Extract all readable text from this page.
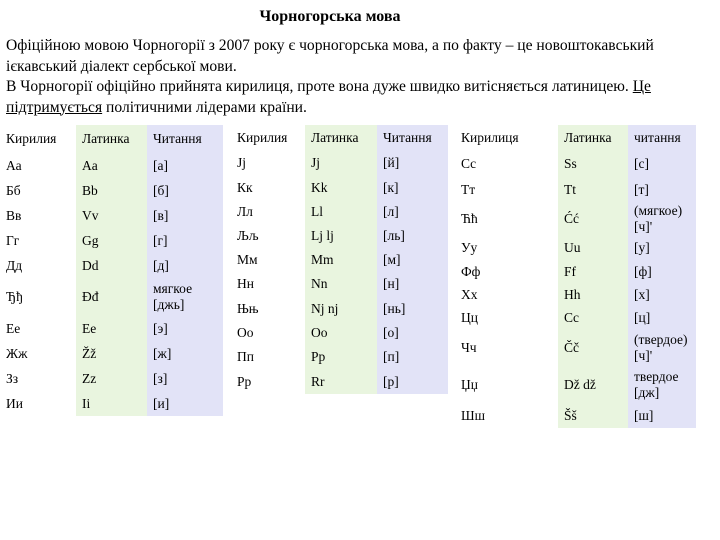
Чорногорська мова

Офіційною мовою Чорногорії з 2007 року є чорногорська мова, а по факту – це новоштокавський ієкавський діалект сербської мови.

В Чорногорії офіційно прийнята кирилиця, проте вона дуже швидко витісняється латиницею. Це підтримується політичними лідерами країни.

Кирилия	Латинка	Читання
Аа	Aa	[а]
Бб	Bb	[б]
Вв	Vv	[в]
Гг	Gg	[г]
Дд	Dd	[д]
Ђђ	Đđ	мягкое [джь]
Ее	Ee	[э]
Жж	Žž	[ж]
Зз	Zz	[з]
Ии	Ii	[и]
Кирилия	Латинка	Читання
Јј	Jj	[й]
Кк	Kk	[к]
Лл	Ll	[л]
Љљ	Lj lj	[ль]
Мм	Mm	[м]
Нн	Nn	[н]
Њњ	Nj nj	[нь]
Оо	Oo	[о]
Пп	Pp	[п]
Рр	Rr	[р]
Кирилиця	Латинка	читання
Сс	Ss	[с]
Тт	Tt	[т]
Ћћ	Ćć	(мягкое) [ч]'
Уу	Uu	[у]
Фф	Ff	[ф]
Хх	Hh	[х]
Цц	Cc	[ц]
Чч	Čč	(твердое) [ч]'
Џџ	Dž dž	твердое [дж]
Шш	Šš	[ш]
